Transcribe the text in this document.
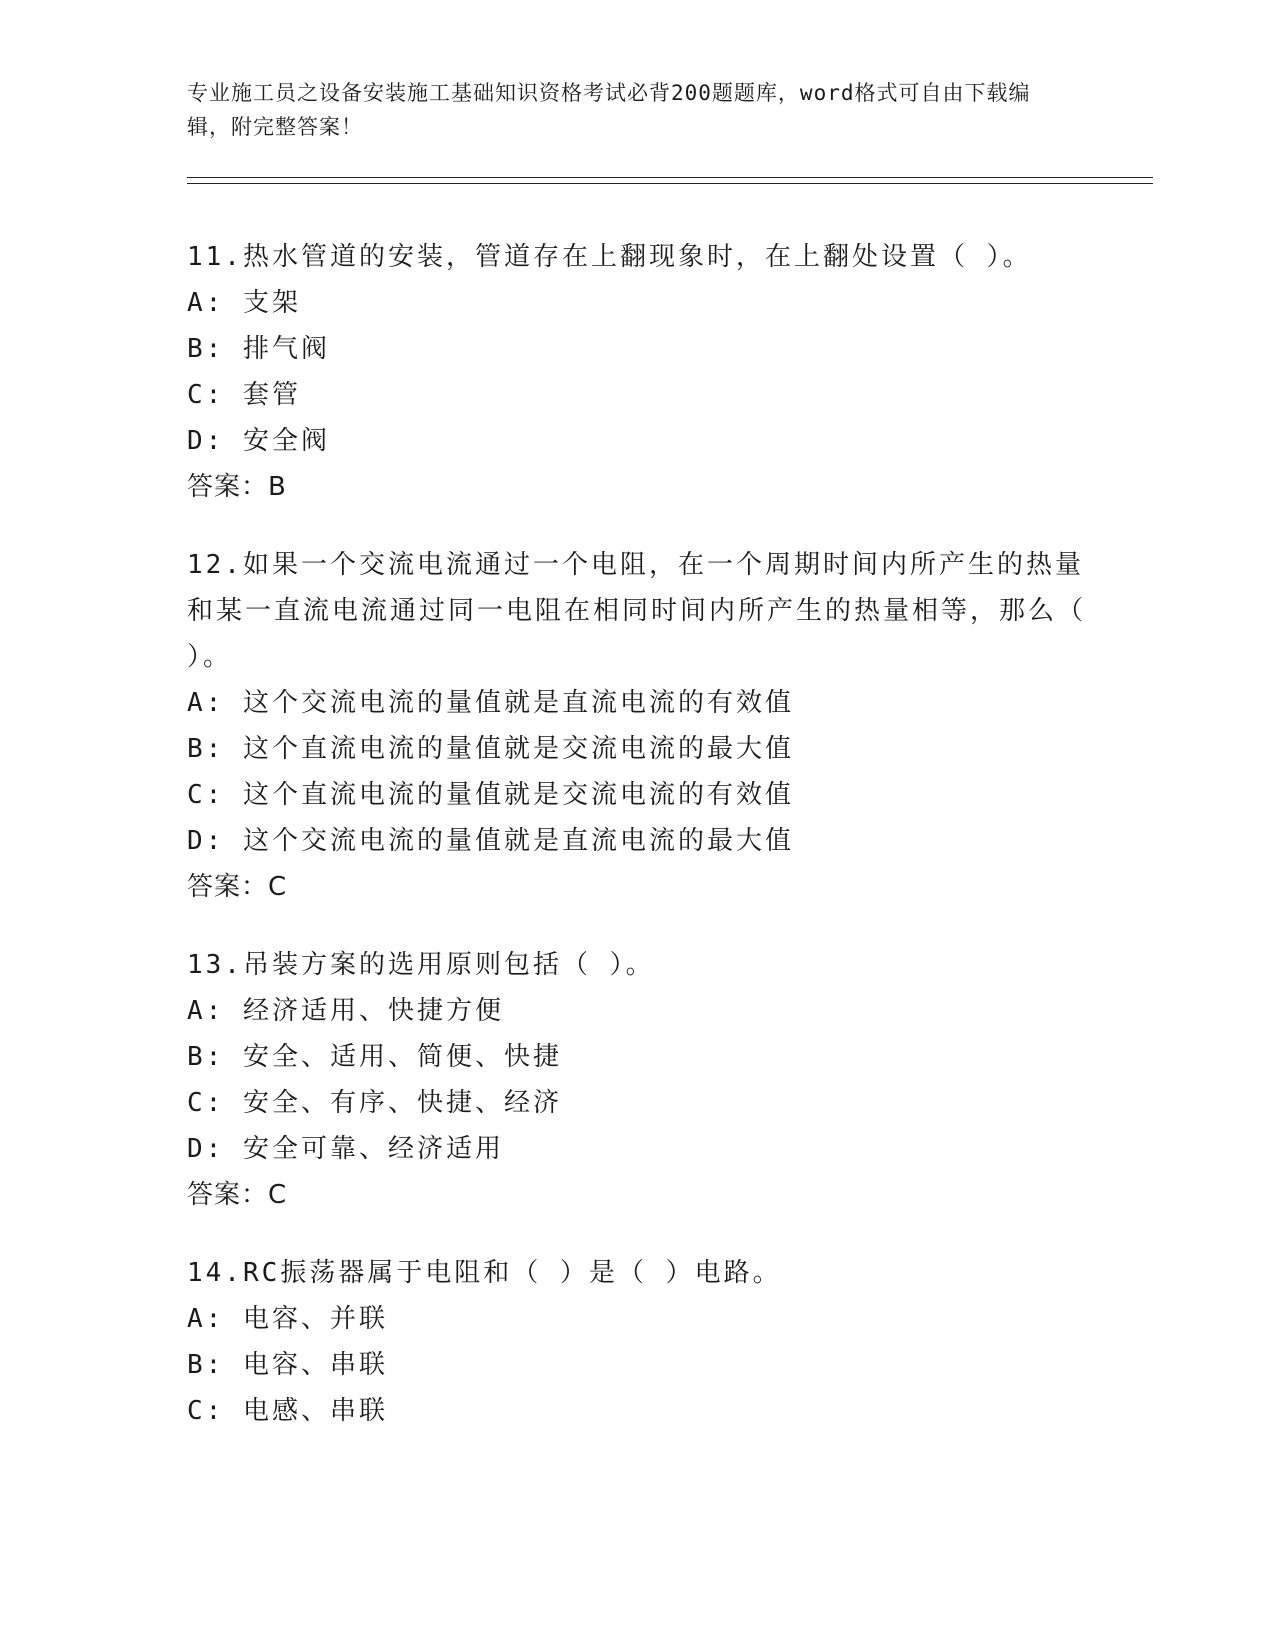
专业施工员之设备安装施工基础知识资格考试必背200题题库，word格式可自由下载编辑，附完整答案！
11.热水管道的安装，管道存在上翻现象时，在上翻处设置（ ）。
A: 支架
B: 排气阀
C: 套管
D: 安全阀
答案：B
12.如果一个交流电流通过一个电阻，在一个周期时间内所产生的热量和某一直流电流通过同一电阻在相同时间内所产生的热量相等，那么（ ）。
A: 这个交流电流的量值就是直流电流的有效值
B: 这个直流电流的量值就是交流电流的最大值
C: 这个直流电流的量值就是交流电流的有效值
D: 这个交流电流的量值就是直流电流的最大值
答案：C
13.吊装方案的选用原则包括（ ）。
A: 经济适用、快捷方便
B: 安全、适用、简便、快捷
C: 安全、有序、快捷、经济
D: 安全可靠、经济适用
答案：C
14.RC振荡器属于电阻和（ ）是（ ）电路。
A: 电容、并联
B: 电容、串联
C: 电感、串联
